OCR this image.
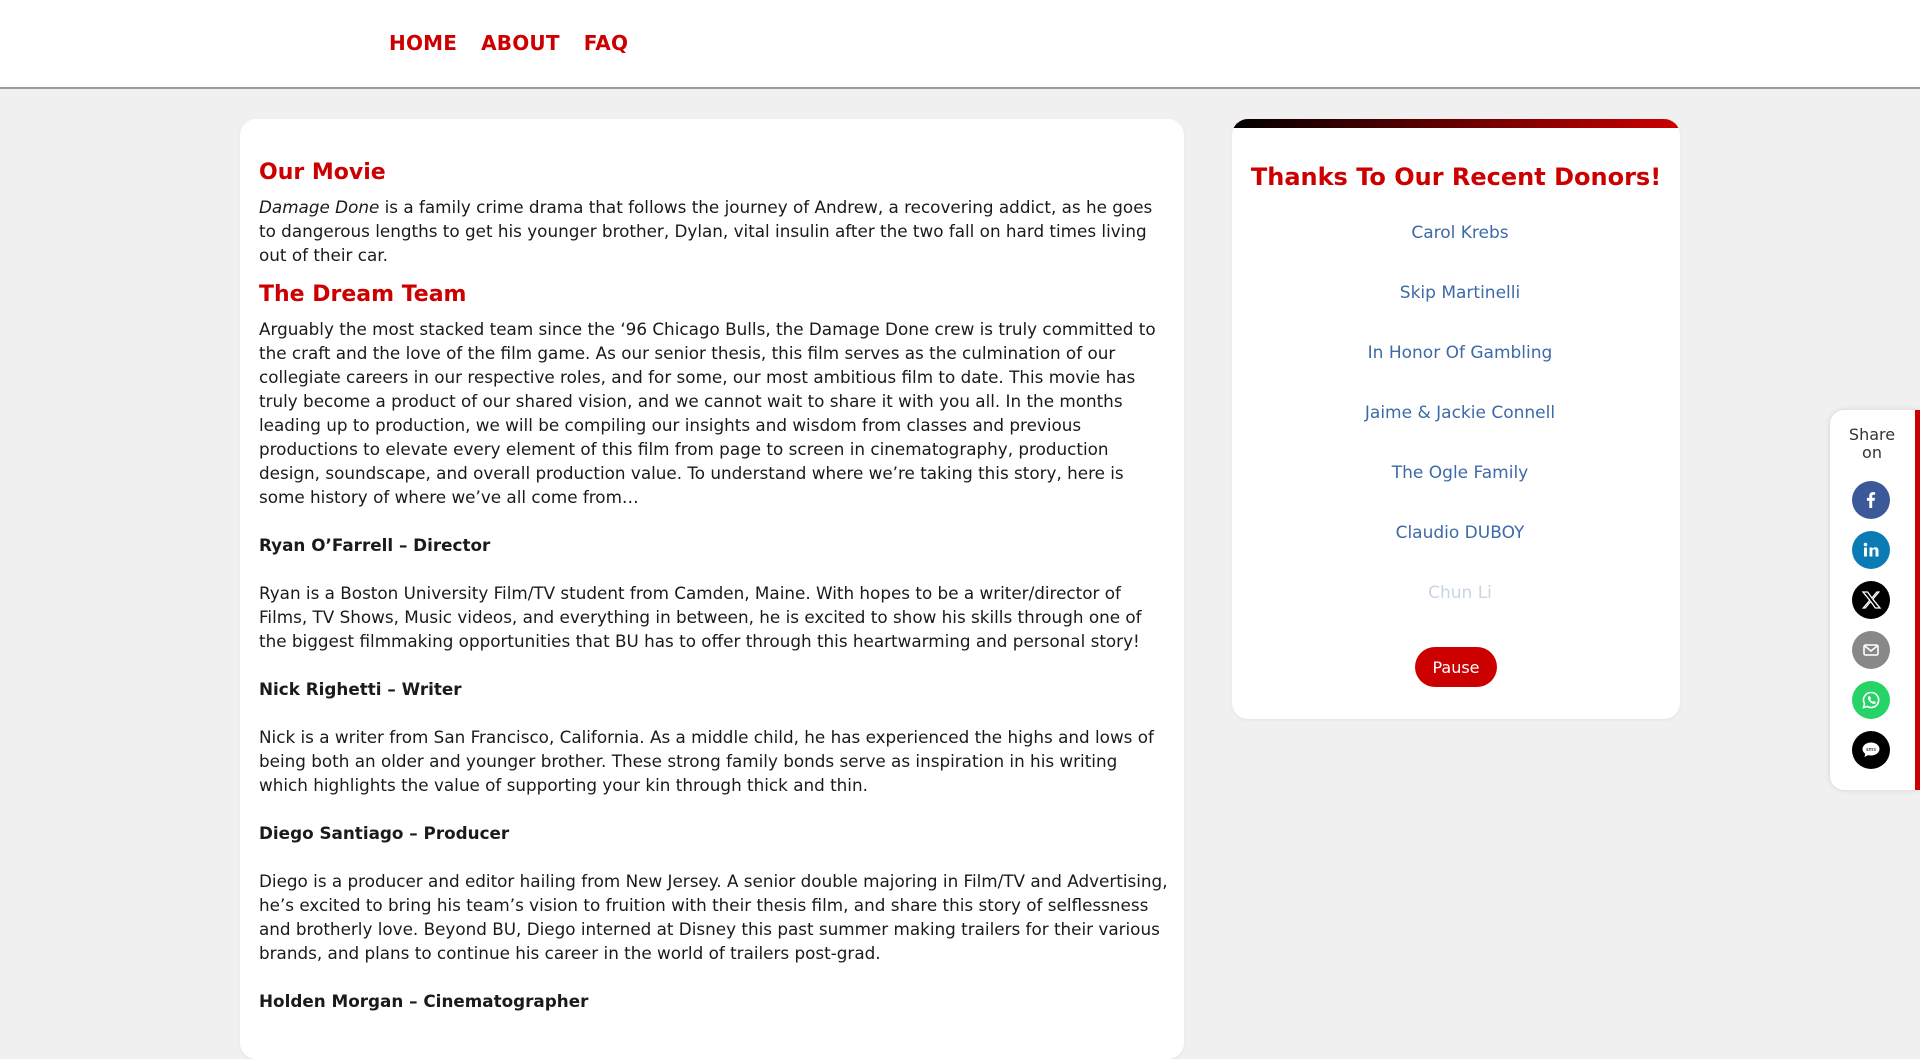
HOME ABOUT FAQ
Our Movie

Damage Done is a family crime drama that follows the journey of Andrew, a recovering addict, as he goes to dangerous lengths to get his younger brother, Dylan, vital insulin after the two fall on hard times living out of their car.

The Dream Team

Arguably the most stacked team since the ‘96 Chicago Bulls, the Damage Done crew is truly committed to the craft and the love of the film game. As our senior thesis, this film serves as the culmination of our collegiate careers in our respective roles, and for some, our most ambitious film to date. This movie has truly become a product of our shared vision, and we cannot wait to share it with you all. In the months leading up to production, we will be compiling our insights and wisdom from classes and previous productions to elevate every element of this film from page to screen in cinematography, production design, soundscape, and overall production value. To understand where we’re taking this story, here is some history of where we’ve all come from…

Ryan O’Farrell – Director

Ryan is a Boston University Film/TV student from Camden, Maine. With hopes to be a writer/director of Films, TV Shows, Music videos, and everything in between, he is excited to show his skills through one of the biggest filmmaking opportunities that BU has to offer through this heartwarming and personal story!

Nick Righetti – Writer

Nick is a writer from San Francisco, California. As a middle child, he has experienced the highs and lows of being both an older and younger brother. These strong family bonds serve as inspiration in his writing which highlights the value of supporting your kin through thick and thin.

Diego Santiago – Producer

Diego is a producer and editor hailing from New Jersey. A senior double majoring in Film/TV and Advertising, he’s excited to bring his team’s vision to fruition with their thesis film, and share this story of selflessness and brotherly love. Beyond BU, Diego interned at Disney this past summer making trailers for their various brands, and plans to continue his career in the world of trailers post-grad.

Holden Morgan – Cinematographer

Thanks To Our Recent Donors!
Carol Krebs
Skip Martinelli
In Honor Of Gambling
Jaime & Jackie Connell
The Ogle Family
Claudio DUBOY
Chun Li
Pause
Share
on
sms
